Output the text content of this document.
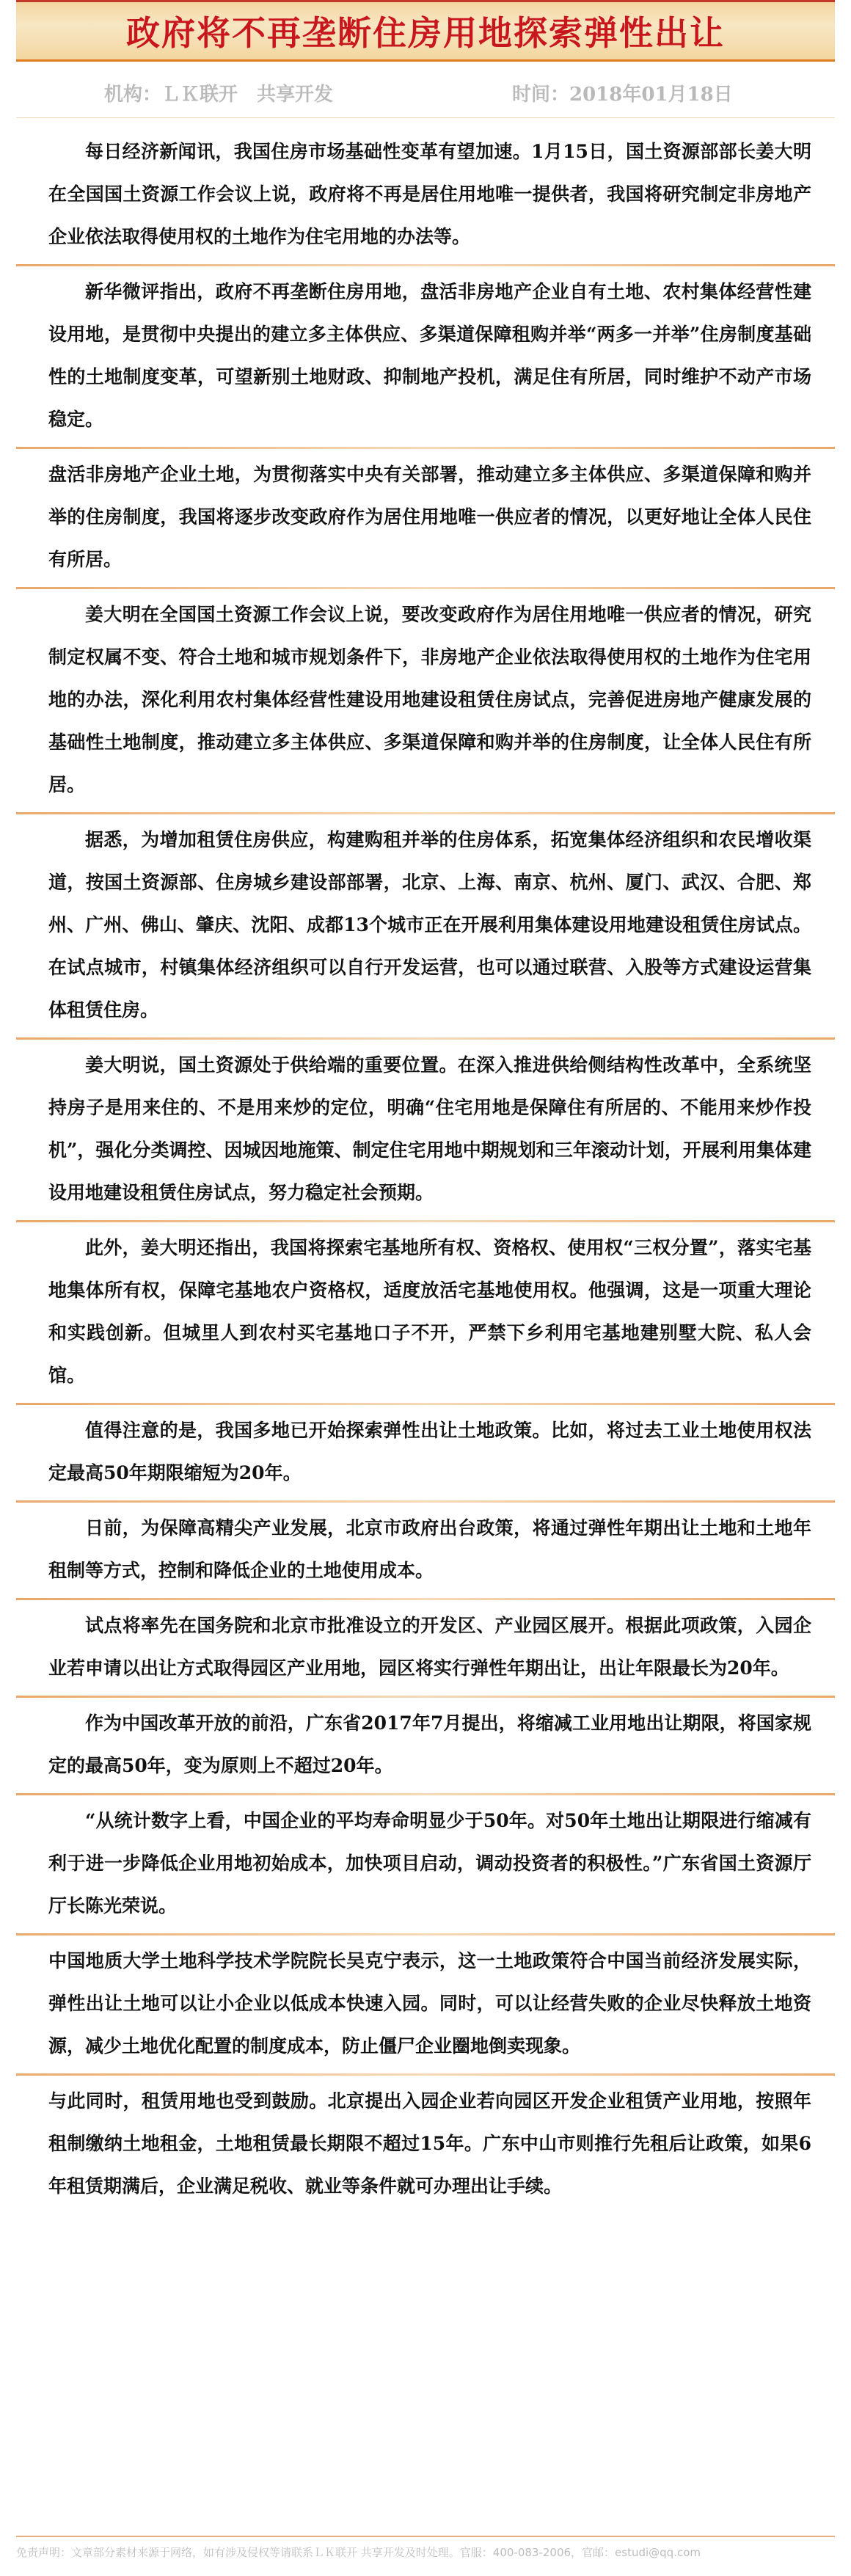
政府将不再垄断住房用地探索弹性出让
机构：ＬＫ联开　共享开发	时间：2018年01月18日

每日经济新闻讯，我国住房市场基础性变革有望加速。1月15日，国土资源部部长姜大明在全国国土资源工作会议上说，政府将不再是居住用地唯一提供者，我国将研究制定非房地产企业依法取得使用权的土地作为住宅用地的办法等。

新华微评指出，政府不再垄断住房用地，盘活非房地产企业自有土地、农村集体经营性建设用地，是贯彻中央提出的建立多主体供应、多渠道保障租购并举“两多一并举”住房制度基础性的土地制度变革，可望新别土地财政、抑制地产投机，满足住有所居，同时维护不动产市场稳定。

盘活非房地产企业土地，为贯彻落实中央有关部署，推动建立多主体供应、多渠道保障和购并举的住房制度，我国将逐步改变政府作为居住用地唯一供应者的情况，以更好地让全体人民住有所居。

姜大明在全国国土资源工作会议上说，要改变政府作为居住用地唯一供应者的情况，研究制定权属不变、符合土地和城市规划条件下，非房地产企业依法取得使用权的土地作为住宅用地的办法，深化利用农村集体经营性建设用地建设租赁住房试点，完善促进房地产健康发展的基础性土地制度，推动建立多主体供应、多渠道保障和购并举的住房制度，让全体人民住有所居。

据悉，为增加租赁住房供应，构建购租并举的住房体系，拓宽集体经济组织和农民增收渠道，按国土资源部、住房城乡建设部部署，北京、上海、南京、杭州、厦门、武汉、合肥、郑州、广州、佛山、肇庆、沈阳、成都13个城市正在开展利用集体建设用地建设租赁住房试点。在试点城市，村镇集体经济组织可以自行开发运营，也可以通过联营、入股等方式建设运营集体租赁住房。

姜大明说，国土资源处于供给端的重要位置。在深入推进供给侧结构性改革中，全系统坚持房子是用来住的、不是用来炒的定位，明确“住宅用地是保障住有所居的、不能用来炒作投机”，强化分类调控、因城因地施策、制定住宅用地中期规划和三年滚动计划，开展利用集体建设用地建设租赁住房试点，努力稳定社会预期。

此外，姜大明还指出，我国将探索宅基地所有权、资格权、使用权“三权分置”，落实宅基地集体所有权，保障宅基地农户资格权，适度放活宅基地使用权。他强调，这是一项重大理论和实践创新。但城里人到农村买宅基地口子不开，严禁下乡利用宅基地建别墅大院、私人会馆。

值得注意的是，我国多地已开始探索弹性出让土地政策。比如，将过去工业土地使用权法定最高50年期限缩短为20年。

日前，为保障高精尖产业发展，北京市政府出台政策，将通过弹性年期出让土地和土地年租制等方式，控制和降低企业的土地使用成本。

试点将率先在国务院和北京市批准设立的开发区、产业园区展开。根据此项政策，入园企业若申请以出让方式取得园区产业用地，园区将实行弹性年期出让，出让年限最长为20年。

作为中国改革开放的前沿，广东省2017年7月提出，将缩减工业用地出让期限，将国家规定的最高50年，变为原则上不超过20年。

“从统计数字上看，中国企业的平均寿命明显少于50年。对50年土地出让期限进行缩减有利于进一步降低企业用地初始成本，加快项目启动，调动投资者的积极性。”广东省国土资源厅厅长陈光荣说。

中国地质大学土地科学技术学院院长吴克宁表示，这一土地政策符合中国当前经济发展实际，弹性出让土地可以让小企业以低成本快速入园。同时，可以让经营失败的企业尽快释放土地资源，减少土地优化配置的制度成本，防止僵尸企业圈地倒卖现象。

与此同时，租赁用地也受到鼓励。北京提出入园企业若向园区开发企业租赁产业用地，按照年租制缴纳土地租金，土地租赁最长期限不超过15年。广东中山市则推行先租后让政策，如果6年租赁期满后，企业满足税收、就业等条件就可办理出让手续。

免责声明：文章部分素材来源于网络，如有涉及侵权等请联系ＬＫ联开 共享开发及时处理。官服：400-083-2006，官邮：estudi@qq.com
